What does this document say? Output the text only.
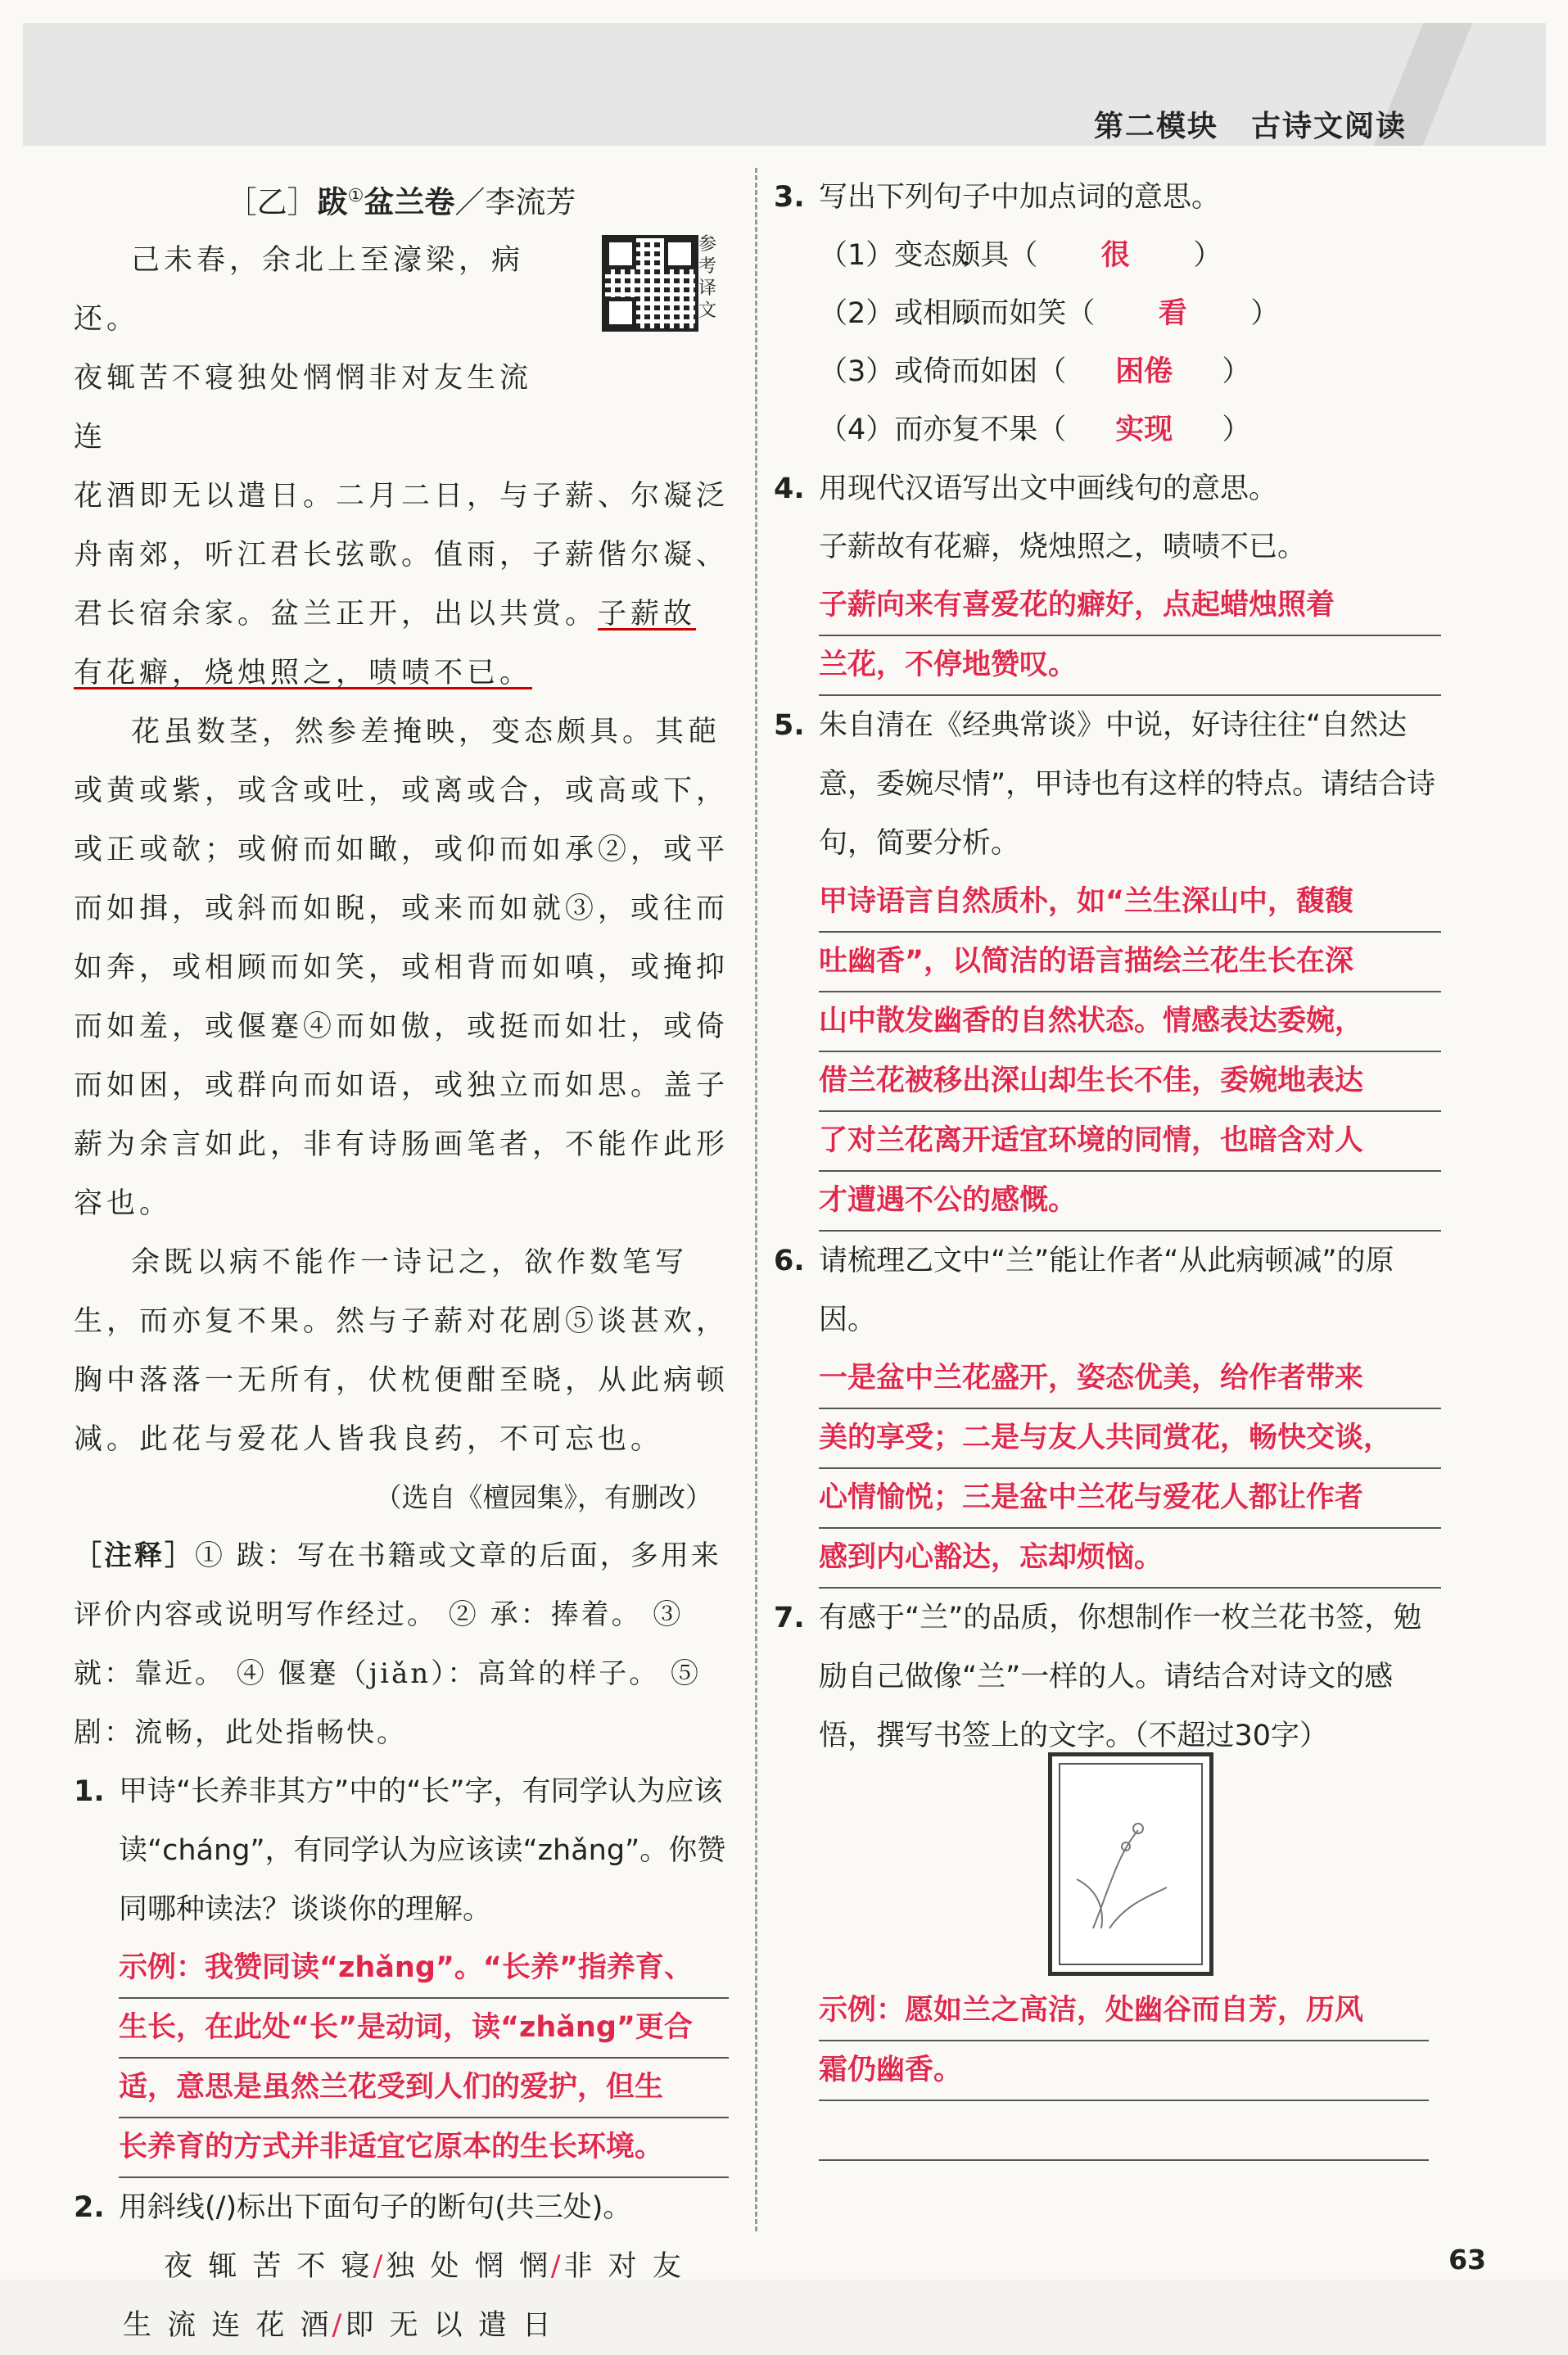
第二模块 古诗文阅读

［乙］跋①盆兰卷／李流芳

参考译文

己未春，余北上至濠梁，病还。

夜辄苦不寝独处惘惘非对友生流连

花酒即无以遣日。二月二日，与子薪、尔凝泛舟南郊，听江君长弦歌。值雨，子薪偕尔凝、君长宿余家。盆兰正开，出以共赏。

子薪故有花癖，烧烛照之，啧啧不已。

花虽数茎，然参差掩映，变态颇具。其葩或黄或紫，或含或吐，或离或合，或高或下，或正或欹；或俯而如瞰，或仰而如承②，或平而如揖，或斜而如睨，或来而如就③，或往而如奔，或相顾而如笑，或相背而如嗔，或掩抑而如羞，或偃蹇④而如傲，或挺而如壮，或倚而如困，或群向而如语，或独立而如思。盖子薪为余言如此，非有诗肠画笔者，不能作此形容也。

余既以病不能作一诗记之，欲作数笔写生，而亦复不果。然与子薪对花剧⑤谈甚欢，胸中落落一无所有，伏枕便酣至晓，从此病顿减。此花与爱花人皆我良药，不可忘也。

（选自《檀园集》，有删改）

［注释］① 跋：写在书籍或文章的后面，多用来评价内容或说明写作经过。 ② 承：捧着。 ③ 就：靠近。 ④ 偃蹇（jiǎn）：高耸的样子。 ⑤ 剧：流畅，此处指畅快。

1. 甲诗“长养非其方”中的“长”字，有同学认为应该读“cháng”，有同学认为应该读“zhǎng”。你赞同哪种读法？谈谈你的理解。

示例：我赞同读“zhǎng”。“长养”指养育、
生长，在此处“长”是动词，读“zhǎng”更合
适，意思是虽然兰花受到人们的爱护，但生
长养育的方式并非适宜它原本的生长环境。

2. 用斜线(/)标出下面句子的断句(共三处)。

夜 辄 苦 不 寝/独 处 惘 惘/非 对 友

生 流 连 花 酒/即 无 以 遣 日

3. 写出下列句子中加点词的意思。

（1）变态颇具（ 很 ）

（2）或相顾而如笑（ 看 ）

（3）或倚而如困（ 困倦 ）

（4）而亦复不果（ 实现 ）

4. 用现代汉语写出文中画线句的意思。

子薪故有花癖，烧烛照之，啧啧不已。

子薪向来有喜爱花的癖好，点起蜡烛照着
兰花，不停地赞叹。

5. 朱自清在《经典常谈》中说，好诗往往“自然达意，委婉尽情”，甲诗也有这样的特点。请结合诗句，简要分析。

甲诗语言自然质朴，如“兰生深山中，馥馥
吐幽香”，以简洁的语言描绘兰花生长在深
山中散发幽香的自然状态。情感表达委婉，
借兰花被移出深山却生长不佳，委婉地表达
了对兰花离开适宜环境的同情，也暗含对人
才遭遇不公的感慨。

6. 请梳理乙文中“兰”能让作者“从此病顿减”的原因。

一是盆中兰花盛开，姿态优美，给作者带来
美的享受；二是与友人共同赏花，畅快交谈，
心情愉悦；三是盆中兰花与爱花人都让作者
感到内心豁达，忘却烦恼。

7. 有感于“兰”的品质，你想制作一枚兰花书签，勉励自己做像“兰”一样的人。请结合对诗文的感悟，撰写书签上的文字。（不超过30字）

示例：愿如兰之高洁，处幽谷而自芳，历风
霜仍幽香。
63
